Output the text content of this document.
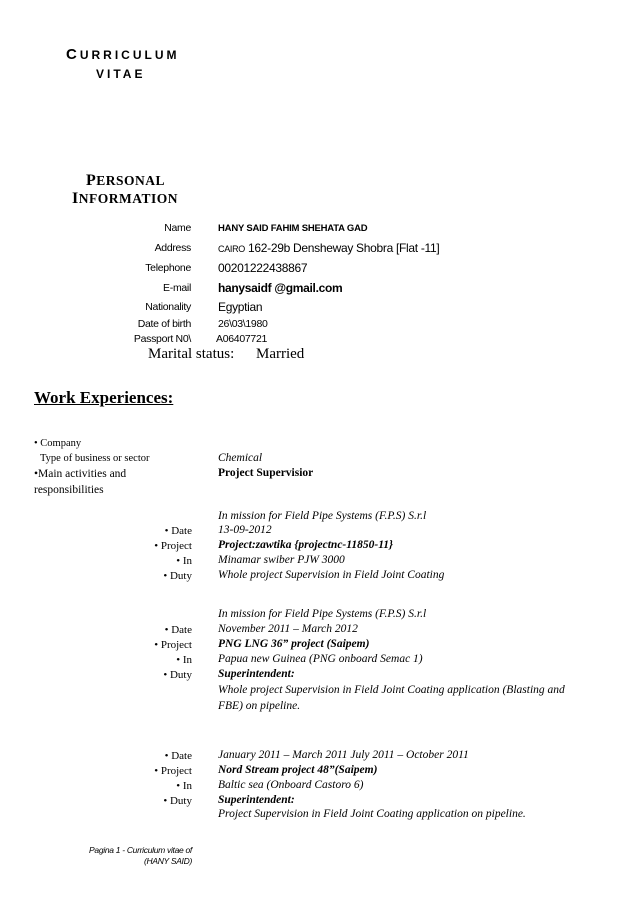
CURRICULUM
VITAE
PERSONAL
INFORMATION
Name	HANY SAID FAHIM SHEHATA GAD
Address	CAIRO 162-29b Densheway Shobra [Flat -11]
Telephone 00201222438867
E-mail hanysaidf @gmail.com
Nationality Egyptian
Date of birth	26\03\1980
Passport N0\ A06407721
Marital status: Married
Work Experiences:
• Company
Type of business or sector	Chemical
•Main activities and
responsibilities
Project Supervisior
In mission for Field Pipe Systems (F.P.S) S.r.l
• Date 13-09-2012
• Project Project:zawtika {projectnc-11850-11}
• In Minamar swiber PJW 3000
• Duty Whole project Supervision in Field Joint Coating
In mission for Field Pipe Systems (F.P.S) S.r.l
• Date November 2011 – March 2012
• Project PNG LNG 36” project (Saipem)
• In Papua new Guinea (PNG onboard Semac 1)
• Duty Superintendent:
Whole project Supervision in Field Joint Coating application (Blasting and FBE) on pipeline.
• Date January 2011 – March 2011 July 2011 – October 2011
• Project Nord Stream project 48”(Saipem)
• In Baltic sea (Onboard Castoro 6)
• Duty Superintendent:
Project Supervision in Field Joint Coating application on pipeline.
Pagina 1 - Curriculum vitae of
(HANY SAID)
